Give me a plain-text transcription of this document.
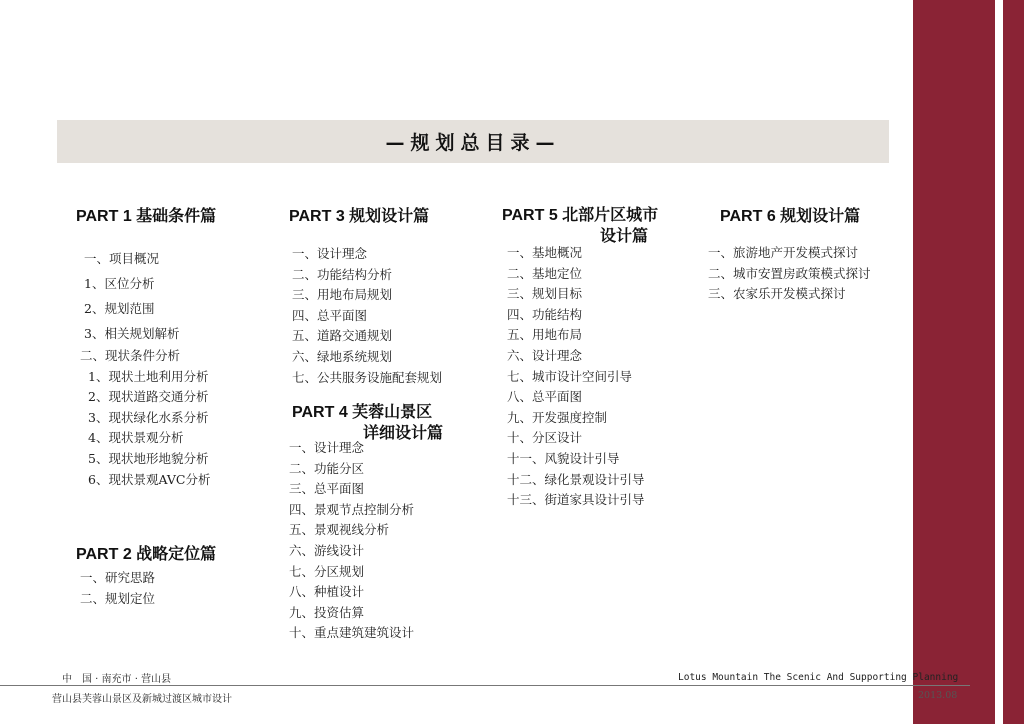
—规划总目录—
PART 1 基础条件篇
一、项目概况
1、区位分析
2、规划范围
3、相关规划解析
二、现状条件分析
1、现状土地利用分析
2、现状道路交通分析
3、现状绿化水系分析
4、现状景观分析
5、现状地形地貌分析
6、现状景观AVC分析
PART 2 战略定位篇
一、研究思路
二、规划定位
PART 3 规划设计篇
一、设计理念
二、功能结构分析
三、用地布局规划
四、总平面图
五、道路交通规划
六、绿地系统规划
七、公共服务设施配套规划
PART 4 芙蓉山景区
详细设计篇
一、设计理念
二、功能分区
三、总平面图
四、景观节点控制分析
五、景观视线分析
六、游线设计
七、分区规划
八、种植设计
九、投资估算
十、重点建筑建筑设计
PART 5 北部片区城市
设计篇
一、基地概况
二、基地定位
三、规划目标
四、功能结构
五、用地布局
六、设计理念
七、城市设计空间引导
八、总平面图
九、开发强度控制
十、分区设计
十一、风貌设计引导
十二、绿化景观设计引导
十三、街道家具设计引导
PART 6 规划设计篇
一、旅游地产开发模式探讨
二、城市安置房政策模式探讨
三、农家乐开发模式探讨
中　国 · 南充市 · 营山县	Lotus Mountain The Scenic And Supporting Planning
营山县芙蓉山景区及新城过渡区城市设计	2013.08
